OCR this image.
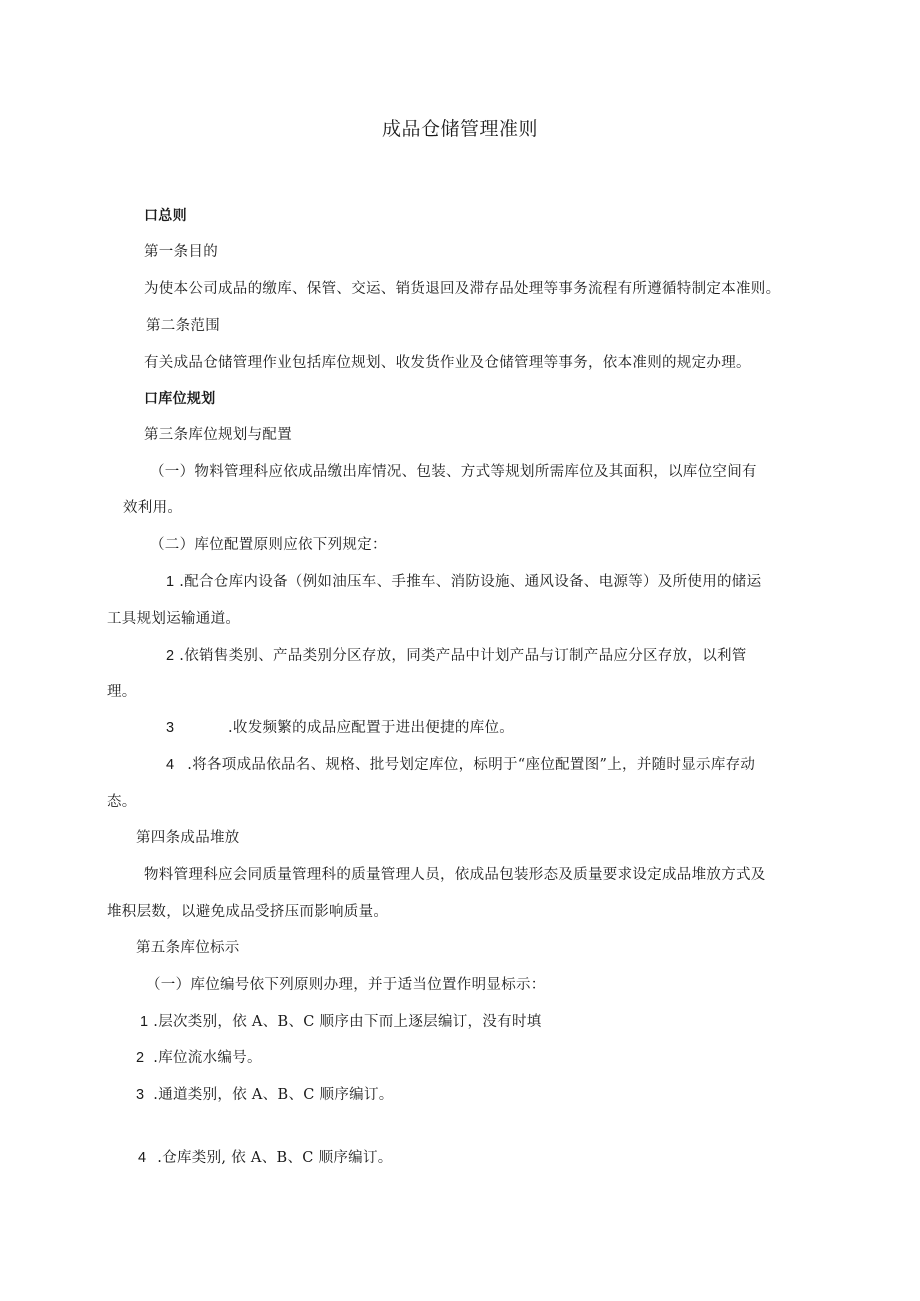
成品仓储管理准则
口总则
第一条目的
为使本公司成品的缴库、保管、交运、销货退回及滞存品处理等事务流程有所遵循特制定本准则。
第二条范围
有关成品仓储管理作业包括库位规划、收发货作业及仓储管理等事务，依本准则的规定办理。
口库位规划
第三条库位规划与配置
（一）物料管理科应依成品缴出库情况、包装、方式等规划所需库位及其面积，以库位空间有
效利用。
（二）库位配置原则应依下列规定：
1 .配合仓库内设备（例如油压车、手推车、消防设施、通风设备、电源等）及所使用的储运
工具规划运输通道。
2 .依销售类别、产品类别分区存放，同类产品中计划产品与订制产品应分区存放，以利管
理。
3	.收发频繁的成品应配置于进出便捷的库位。
4 .将各项成品依品名、规格、批号划定库位，标明于“座位配置图”上，并随时显示库存动
态。
第四条成品堆放
物料管理科应会同质量管理科的质量管理人员，依成品包装形态及质量要求设定成品堆放方式及
堆积层数，以避免成品受挤压而影响质量。
第五条库位标示
（一）库位编号依下列原则办理，并于适当位置作明显标示：
1 .层次类别，依 A、B、C 顺序由下而上逐层编订，没有时填
2 .库位流水编号。
3 .通道类别，依 A、B、C 顺序编订。
4 .仓库类别, 依 A、B、C 顺序编订。
